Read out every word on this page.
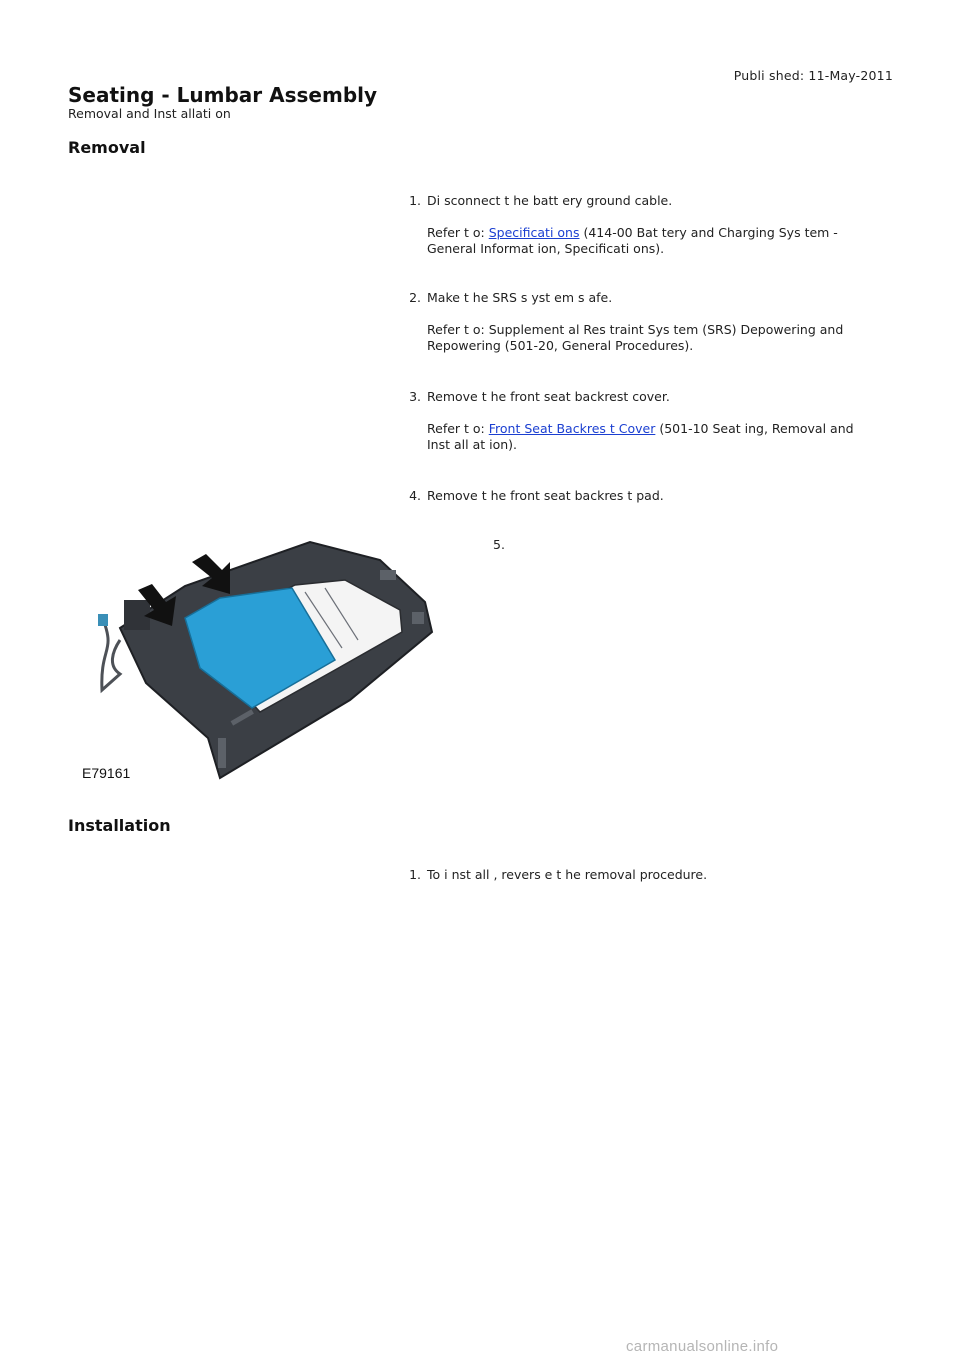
Publi shed: 11-May-2011
Seating - Lumbar Assembly
Removal and Inst allati on
Removal
1. Di sconnect t he batt ery ground cable.
Refer t o: Specificati ons (414-00 Bat tery and Charging Sys tem - General Informat ion, Specificati ons).
2. Make t he SRS s yst em s afe.
Refer t o: Supplement al Res traint Sys tem (SRS) Depowering and Repowering (501-20, General Procedures).
3. Remove t he front seat backrest cover.
Refer t o: Front Seat Backres t Cover (501-10 Seat ing, Removal and Inst all at ion).
4. Remove t he front seat backres t pad.
5.
E79161
Installation
1. To i nst all , revers e t he removal procedure.
carmanualsonline.info
